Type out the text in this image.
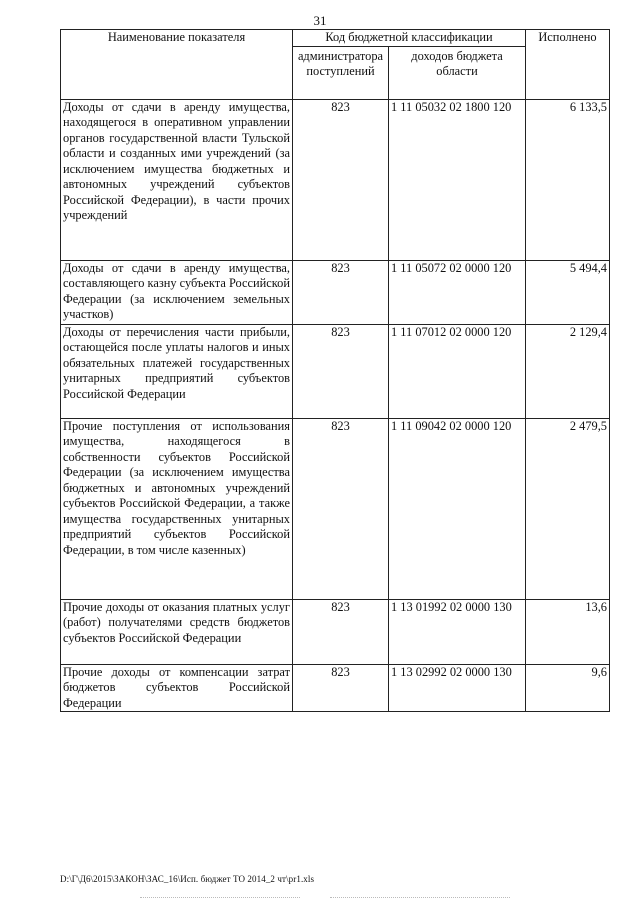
31
Наименование показателя	Код бюджетной классификации		Исполнено
	администратора поступлений	доходов бюджета области	
Доходы от сдачи в аренду имущества, находящегося в оперативном управлении органов государственной власти Тульской области и созданных ими учреждений (за исключением имущества бюджетных и автономных учреждений субъектов Российской Федерации), в части прочих учреждений	823	1 11 05032 02 1800 120	6 133,5
Доходы от сдачи в аренду имущества, составляющего казну субъекта Российской Федерации (за исключением земельных участков)	823	1 11 05072 02 0000 120	5 494,4
Доходы от перечисления части прибыли, остающейся после уплаты налогов и иных обязательных платежей государственных унитарных предприятий субъектов Российской Федерации	823	1 11 07012 02 0000 120	2 129,4
Прочие поступления от использования имущества, находящегося в собственности субъектов Российской Федерации (за исключением имущества бюджетных и автономных учреждений субъектов Российской Федерации, а также имущества государственных унитарных предприятий субъектов Российской Федерации, в том числе казенных)	823	1 11 09042 02 0000 120	2 479,5
Прочие доходы от оказания платных услуг (работ) получателями средств бюджетов субъектов Российской Федерации	823	1 13 01992 02 0000 130	13,6
Прочие доходы от компенсации затрат бюджетов субъектов Российской Федерации	823	1 13 02992 02 0000 130	9,6
D:\Г\Д6\2015\ЗАКОН\ЗАС_16\Исп. бюджет ТО 2014_2 чт\pr1.xls
